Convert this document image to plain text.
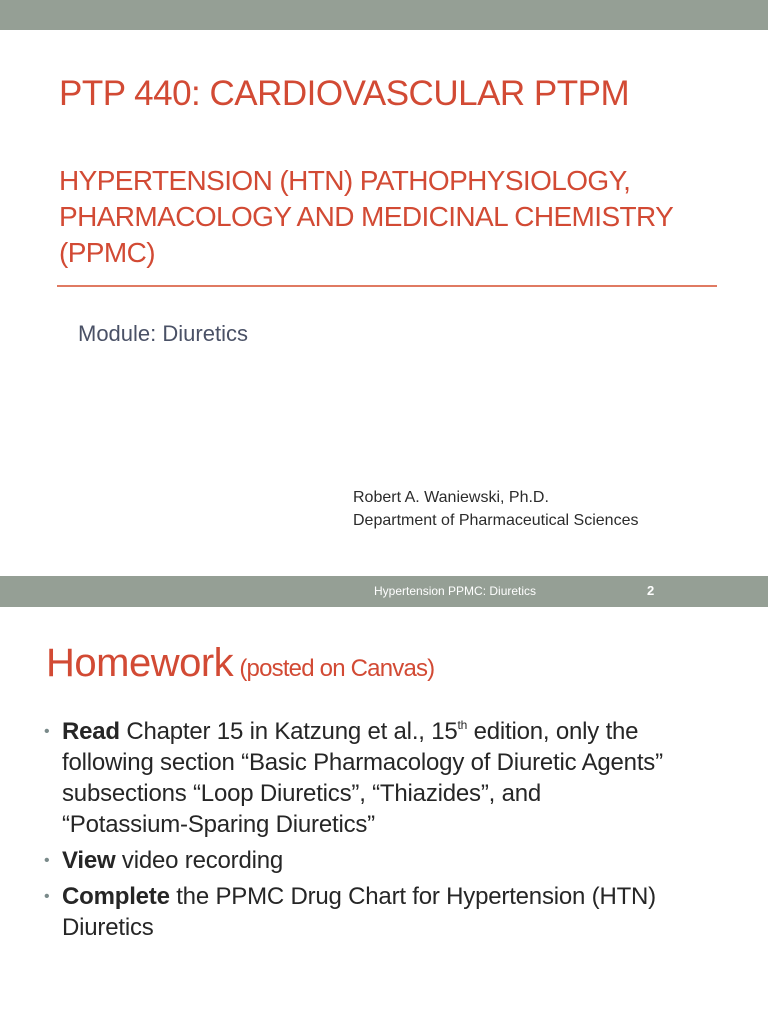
PTP 440: CARDIOVASCULAR PTPM
HYPERTENSION (HTN) PATHOPHYSIOLOGY,
PHARMACOLOGY AND MEDICINAL CHEMISTRY
(PPMC)
Module: Diuretics
Robert A. Waniewski, Ph.D.
Department of Pharmaceutical Sciences
Hypertension PPMC: Diuretics	2
Homework (posted on Canvas)
• Read Chapter 15 in Katzung et al., 15th edition, only the
following section “Basic Pharmacology of Diuretic Agents”
subsections “Loop Diuretics”, “Thiazides”, and
“Potassium-Sparing Diuretics”
• View video recording
• Complete the PPMC Drug Chart for Hypertension (HTN)
Diuretics
